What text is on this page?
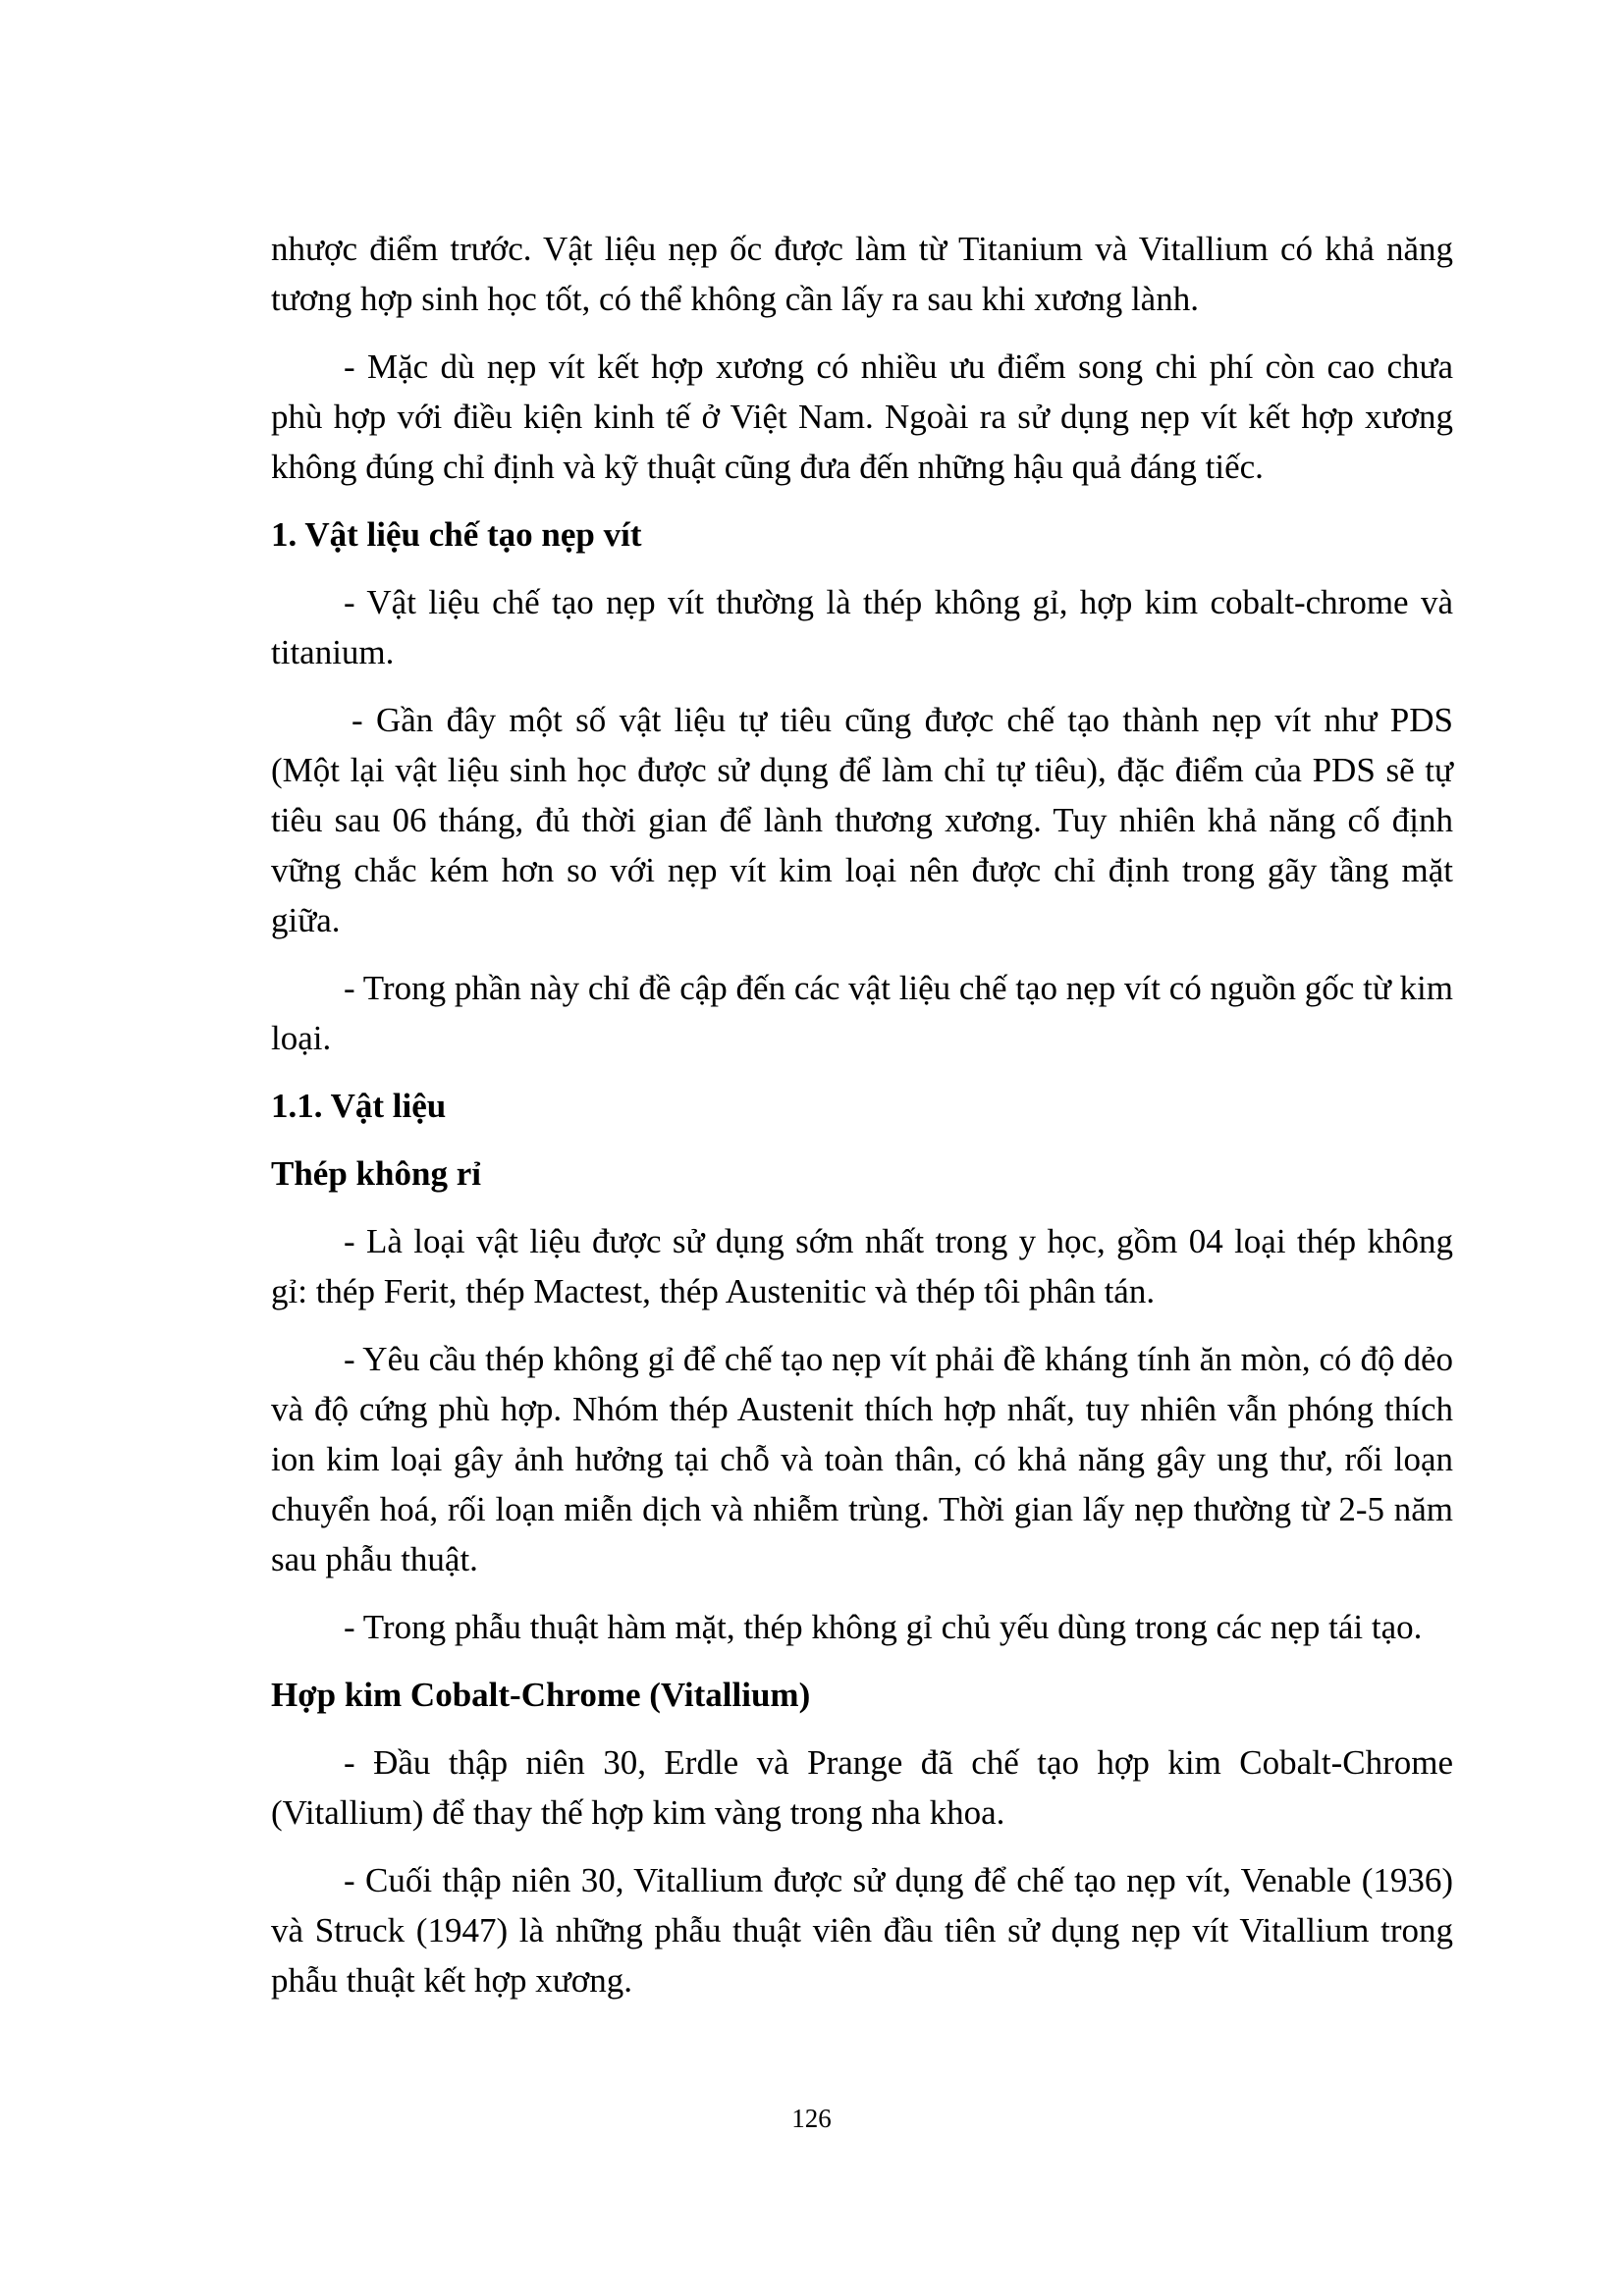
nhược điểm trước. Vật liệu nẹp ốc được làm từ Titanium và Vitallium có khả năng tương hợp sinh học tốt, có thể không cần lấy ra sau khi xương lành.

- Mặc dù nẹp vít kết hợp xương có nhiều ưu điểm song chi phí còn cao chưa phù hợp với điều kiện kinh tế ở Việt Nam. Ngoài ra sử dụng nẹp vít kết hợp xương không đúng chỉ định và kỹ thuật cũng đưa đến những hậu quả đáng tiếc.

1. Vật liệu chế tạo nẹp vít

- Vật liệu chế tạo nẹp vít thường là thép không gỉ, hợp kim cobalt-chrome và titanium.

- Gần đây một số vật liệu tự tiêu cũng được chế tạo thành nẹp vít như PDS (Một lại vật liệu sinh học được sử dụng để làm chỉ tự tiêu), đặc điểm của PDS sẽ tự tiêu sau 06 tháng, đủ thời gian để lành thương xương. Tuy nhiên khả năng cố định vững chắc kém hơn so với nẹp vít kim loại nên được chỉ định trong gãy tầng mặt giữa.

- Trong phần này chỉ đề cập đến các vật liệu chế tạo nẹp vít có nguồn gốc từ kim loại.

1.1. Vật liệu
Thép không rỉ

- Là loại vật liệu được sử dụng sớm nhất trong y học, gồm 04 loại thép không gỉ: thép Ferit, thép Mactest, thép Austenitic và thép tôi phân tán.

- Yêu cầu thép không gỉ để chế tạo nẹp vít phải đề kháng tính ăn mòn, có độ dẻo và độ cứng phù hợp. Nhóm thép Austenit thích hợp nhất, tuy nhiên vẫn phóng thích ion kim loại gây ảnh hưởng tại chỗ và toàn thân, có khả năng gây ung thư, rối loạn chuyển hoá, rối loạn miễn dịch và nhiễm trùng. Thời gian lấy nẹp thường từ 2-5 năm sau phẫu thuật.

- Trong phẫu thuật hàm mặt, thép không gỉ chủ yếu dùng trong các nẹp tái tạo.

Hợp kim Cobalt-Chrome (Vitallium)

- Đầu thập niên 30, Erdle và Prange đã chế tạo hợp kim Cobalt-Chrome (Vitallium) để thay thế hợp kim vàng trong nha khoa.

- Cuối thập niên 30, Vitallium được sử dụng để chế tạo nẹp vít, Venable (1936) và Struck (1947) là những phẫu thuật viên đầu tiên sử dụng nẹp vít Vitallium trong phẫu thuật kết hợp xương.

126
